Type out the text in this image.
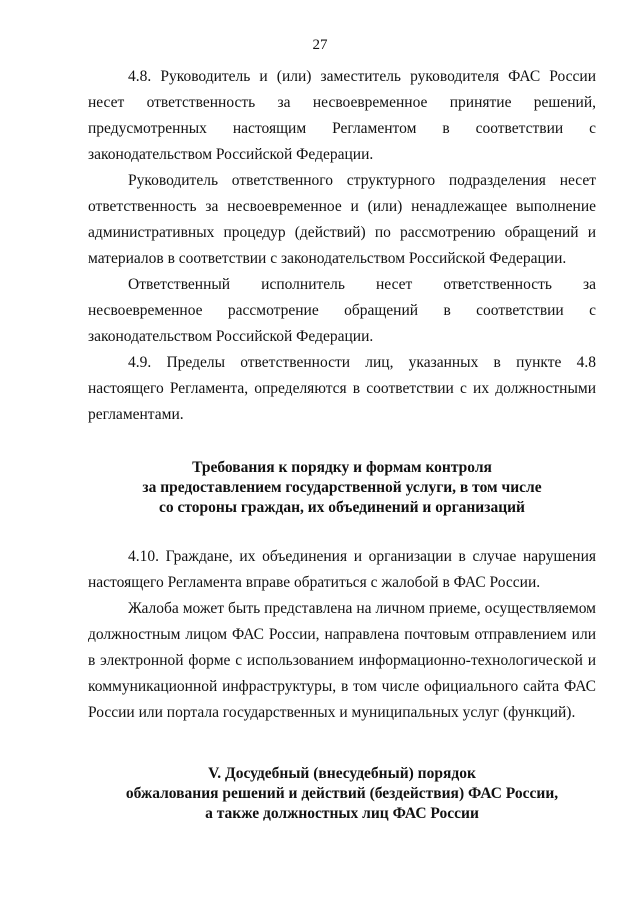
27

4.8. Руководитель и (или) заместитель руководителя ФАС России несет ответственность за несвоевременное принятие решений, предусмотренных настоящим Регламентом в соответствии с законодательством Российской Федерации.

Руководитель ответственного структурного подразделения несет ответственность за несвоевременное и (или) ненадлежащее выполнение административных процедур (действий) по рассмотрению обращений и материалов в соответствии с законодательством Российской Федерации.

Ответственный исполнитель несет ответственность за несвоевременное рассмотрение обращений в соответствии с законодательством Российской Федерации.

4.9. Пределы ответственности лиц, указанных в пункте 4.8 настоящего Регламента, определяются в соответствии с их должностными регламентами.

Требования к порядку и формам контроля
за предоставлением государственной услуги, в том числе
со стороны граждан, их объединений и организаций

4.10. Граждане, их объединения и организации в случае нарушения настоящего Регламента вправе обратиться с жалобой в ФАС России.

Жалоба может быть представлена на личном приеме, осуществляемом должностным лицом ФАС России, направлена почтовым отправлением или в электронной форме с использованием информационно-технологической и коммуникационной инфраструктуры, в том числе официального сайта ФАС России или портала государственных и муниципальных услуг (функций).

V. Досудебный (внесудебный) порядок
обжалования решений и действий (бездействия) ФАС России,
а также должностных лиц ФАС России
